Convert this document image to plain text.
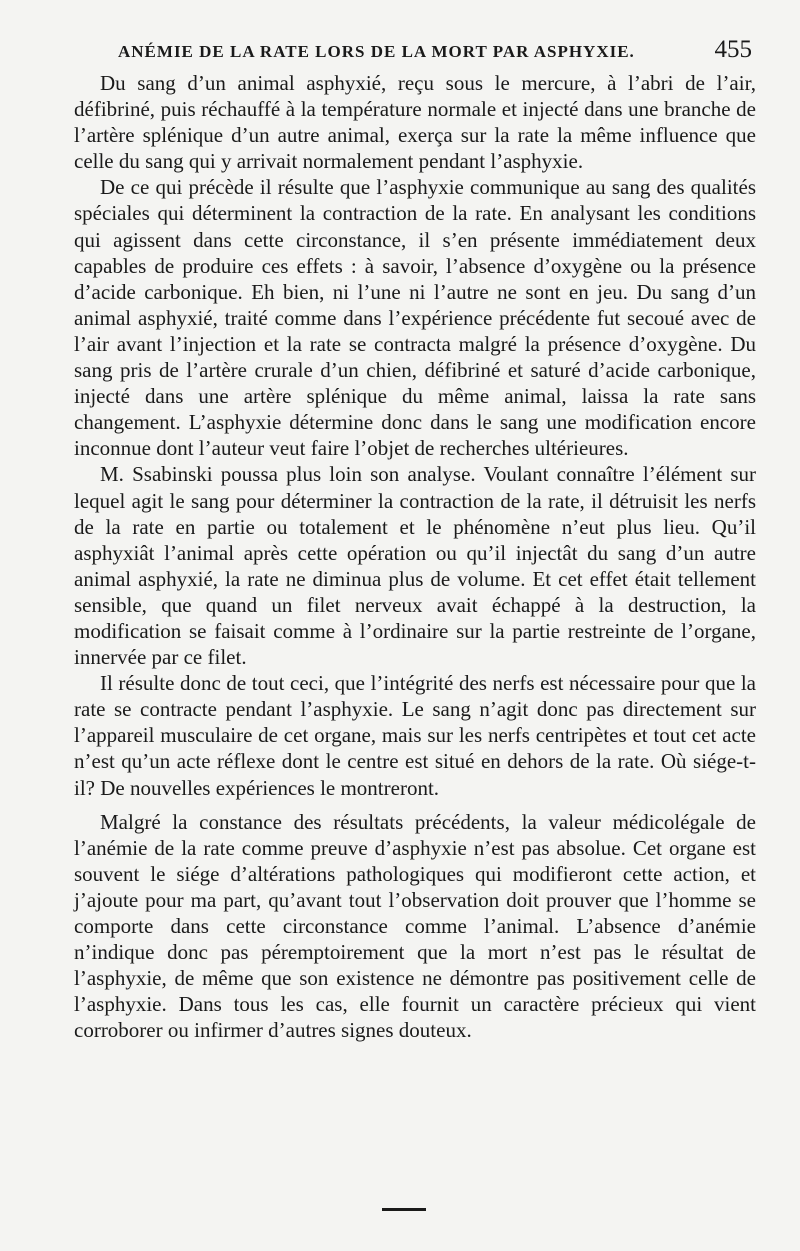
ANÉMIE DE LA RATE LORS DE LA MORT PAR ASPHYXIE.	455

Du sang d’un animal asphyxié, reçu sous le mercure, à l’abri de l’air, défibriné, puis réchauffé à la température normale et injecté dans une branche de l’artère splénique d’un autre animal, exerça sur la rate la même influence que celle du sang qui y arrivait normalement pendant l’asphyxie.

De ce qui précède il résulte que l’asphyxie communique au sang des qualités spéciales qui déterminent la contraction de la rate. En analysant les conditions qui agissent dans cette circonstance, il s’en présente immédiatement deux capables de produire ces effets : à savoir, l’absence d’oxygène ou la présence d’acide carbonique. Eh bien, ni l’une ni l’autre ne sont en jeu. Du sang d’un animal asphyxié, traité comme dans l’expérience précédente fut secoué avec de l’air avant l’injection et la rate se contracta malgré la présence d’oxygène. Du sang pris de l’artère crurale d’un chien, défibriné et saturé d’acide carbonique, injecté dans une artère splénique du même animal, laissa la rate sans changement. L’asphyxie détermine donc dans le sang une modification encore inconnue dont l’auteur veut faire l’objet de recherches ultérieures.

M. Ssabinski poussa plus loin son analyse. Voulant connaître l’élément sur lequel agit le sang pour déterminer la contraction de la rate, il détruisit les nerfs de la rate en partie ou totalement et le phénomène n’eut plus lieu. Qu’il asphyxiât l’animal après cette opération ou qu’il injectât du sang d’un autre animal asphyxié, la rate ne diminua plus de volume. Et cet effet était tellement sensible, que quand un filet nerveux avait échappé à la destruction, la modification se faisait comme à l’ordinaire sur la partie restreinte de l’organe, innervée par ce filet.

Il résulte donc de tout ceci, que l’intégrité des nerfs est nécessaire pour que la rate se contracte pendant l’asphyxie. Le sang n’agit donc pas directement sur l’appareil musculaire de cet organe, mais sur les nerfs centripètes et tout cet acte n’est qu’un acte réflexe dont le centre est situé en dehors de la rate. Où siége-t-il? De nouvelles expériences le montreront.

Malgré la constance des résultats précédents, la valeur médicolégale de l’anémie de la rate comme preuve d’asphyxie n’est pas absolue. Cet organe est souvent le siége d’altérations pathologiques qui modifieront cette action, et j’ajoute pour ma part, qu’avant tout l’observation doit prouver que l’homme se comporte dans cette circonstance comme l’animal. L’absence d’anémie n’indique donc pas péremptoirement que la mort n’est pas le résultat de l’asphyxie, de même que son existence ne démontre pas positivement celle de l’asphyxie. Dans tous les cas, elle fournit un caractère précieux qui vient corroborer ou infirmer d’autres signes douteux.
